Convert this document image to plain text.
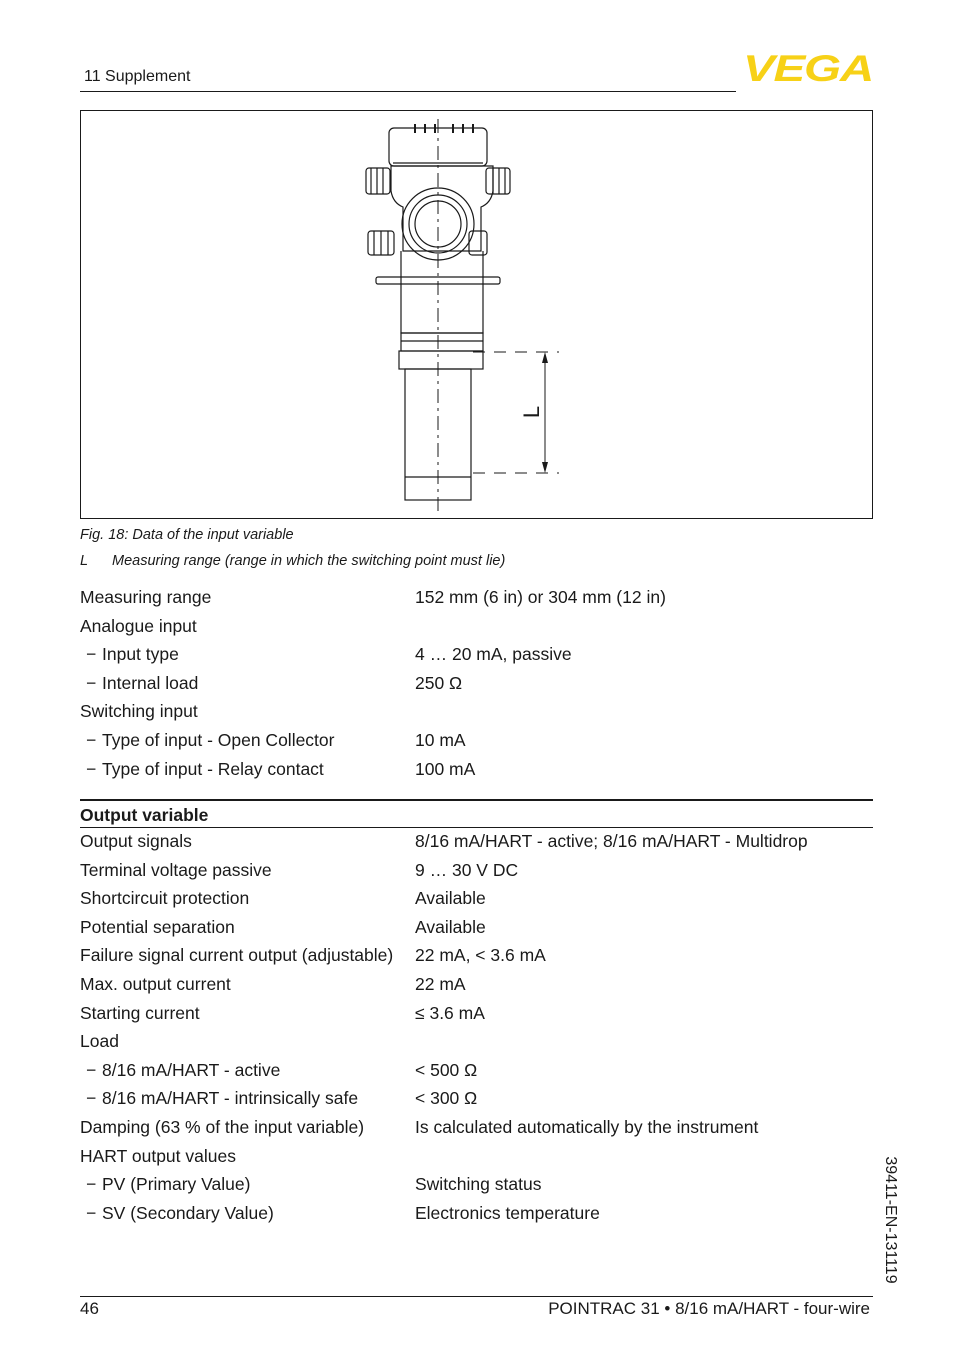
11 Supplement	VEGA
L
Fig. 18: Data of the input variable
L Measuring range (range in which the switching point must lie)
Measuring range	152 mm (6 in) or 304 mm (12 in)
Analogue input
− Input type	4 … 20 mA, passive
− Internal load	250 Ω
Switching input
− Type of input - Open Collector	10 mA
− Type of input - Relay contact	100 mA
Output variable
Output signals	8/16 mA/HART - active; 8/16 mA/HART - Multidrop
Terminal voltage passive	9 … 30 V DC
Shortcircuit protection	Available
Potential separation	Available
Failure signal current output (adjustable) 22 mA, < 3.6 mA
Max. output current	22 mA
Starting current	≤ 3.6 mA
Load
− 8/16 mA/HART - active	< 500 Ω
− 8/16 mA/HART - intrinsically safe	< 300 Ω
Damping (63 % of the input variable)	Is calculated automatically by the instrument
HART output values
− PV (Primary Value)	Switching status
− SV (Secondary Value)	Electronics temperature	39411-EN-131119
46	POINTRAC 31 • 8/16 mA/HART - four-wire
